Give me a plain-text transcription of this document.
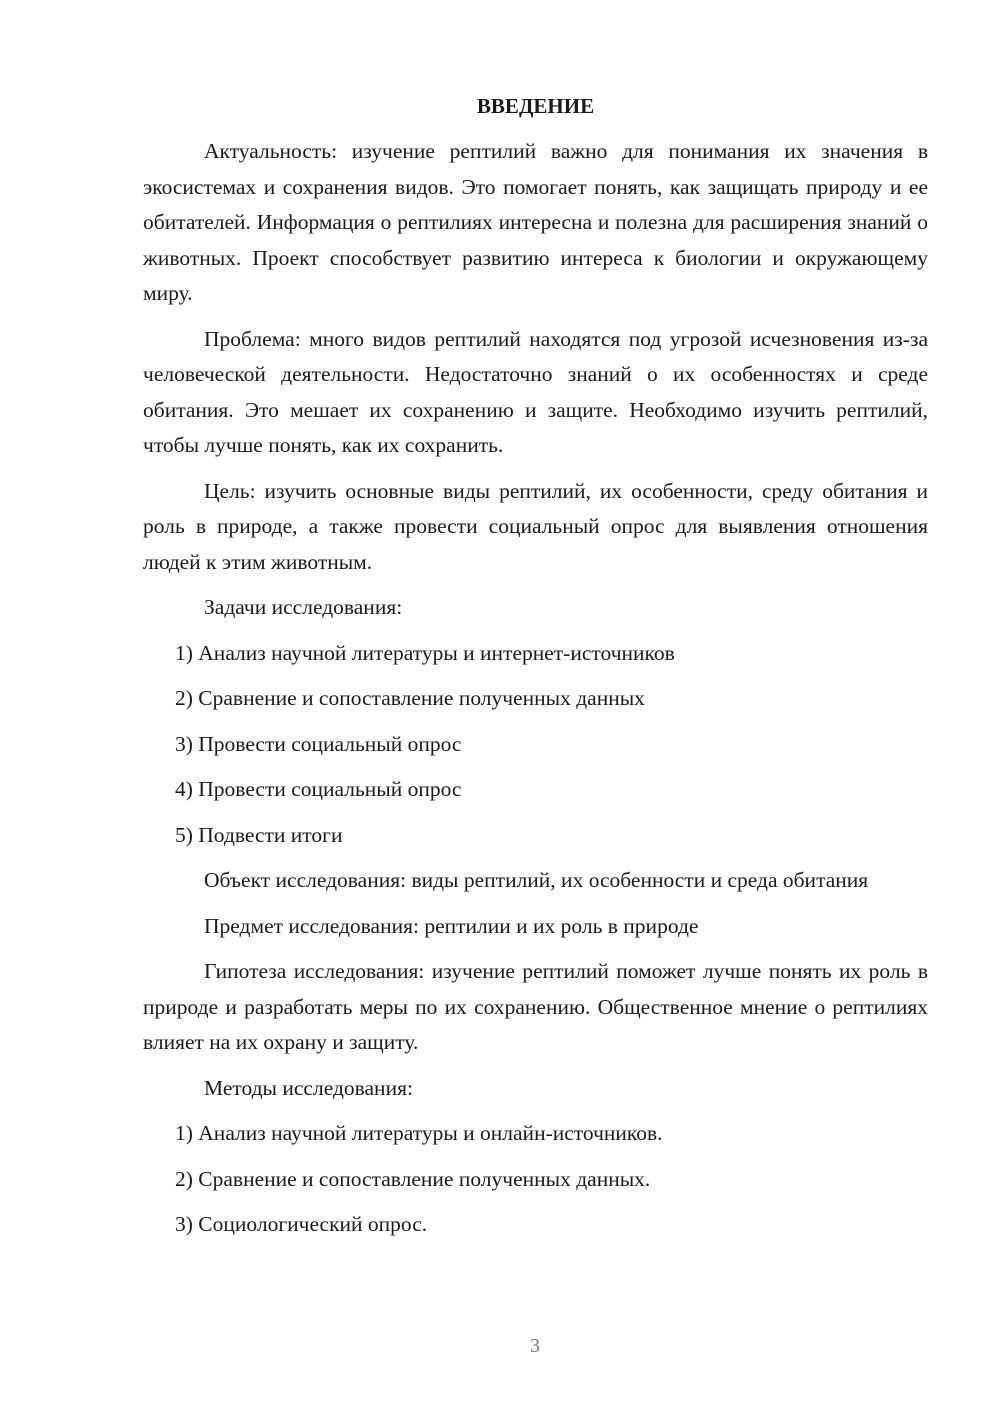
ВВЕДЕНИЕ

Актуальность: изучение рептилий важно для понимания их значения в экосистемах и сохранения видов. Это помогает понять, как защищать природу и ее обитателей. Информация о рептилиях интересна и полезна для расширения знаний о животных. Проект способствует развитию интереса к биологии и окружающему миру.

Проблема: много видов рептилий находятся под угрозой исчезновения из-за человеческой деятельности. Недостаточно знаний о их особенностях и среде обитания. Это мешает их сохранению и защите. Необходимо изучить рептилий, чтобы лучше понять, как их сохранить.

Цель: изучить основные виды рептилий, их особенности, среду обитания и роль в природе, а также провести социальный опрос для выявления отношения людей к этим животным.

Задачи исследования:
1) Анализ научной литературы и интернет-источников
2) Сравнение и сопоставление полученных данных
3) Провести социальный опрос
4) Провести социальный опрос
5) Подвести итоги

Объект исследования: виды рептилий, их особенности и среда обитания

Предмет исследования: рептилии и их роль в природе

Гипотеза исследования: изучение рептилий поможет лучше понять их роль в природе и разработать меры по их сохранению. Общественное мнение о рептилиях влияет на их охрану и защиту.

Методы исследования:
1) Анализ научной литературы и онлайн-источников.
2) Сравнение и сопоставление полученных данных.
3) Социологический опрос.
3
